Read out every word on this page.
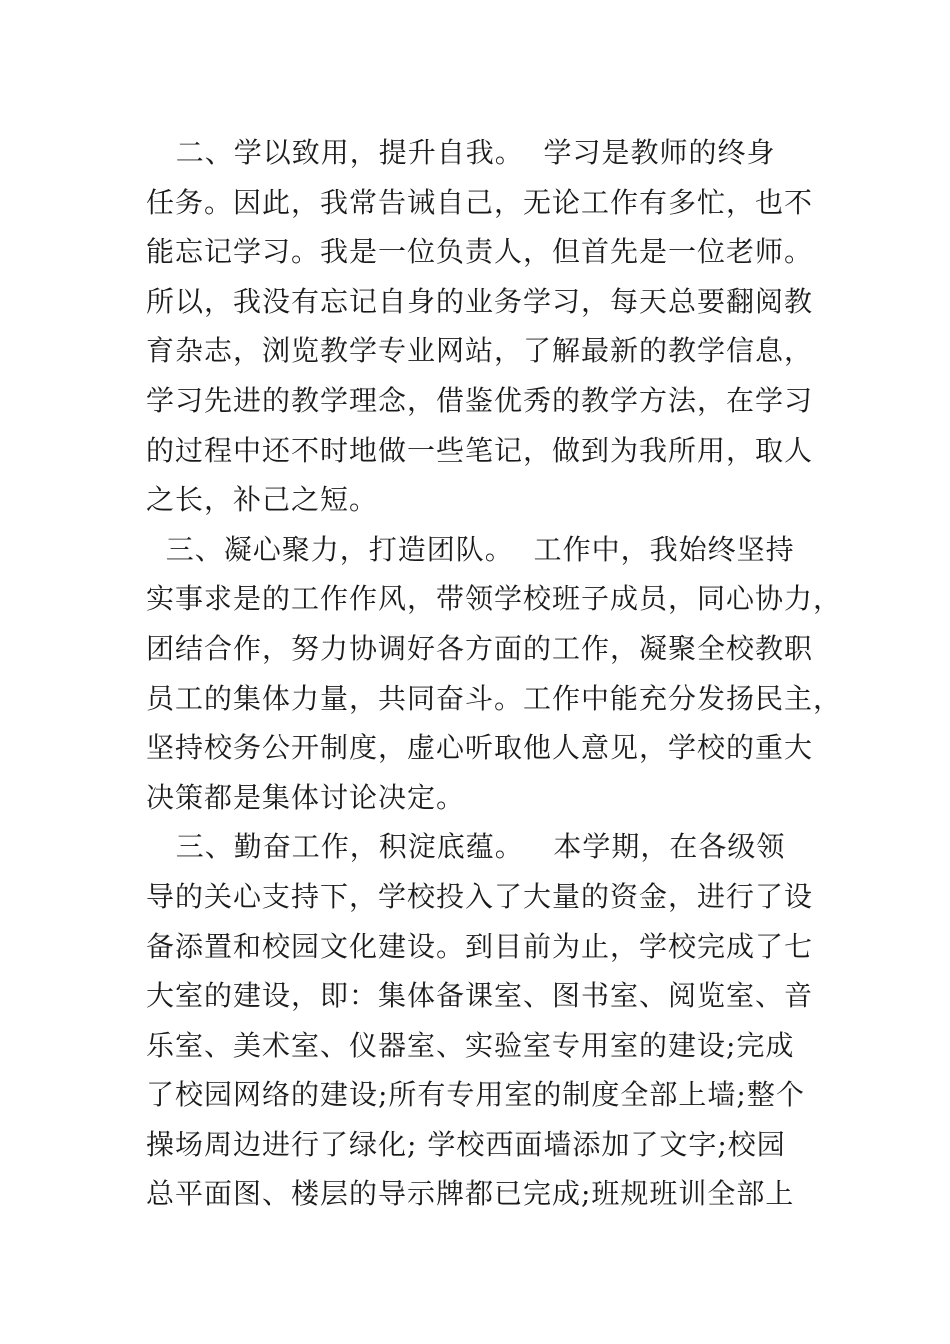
二、学以致用，提升自我。  学习是教师的终身
任务。因此，我常告诫自己，无论工作有多忙，也不
能忘记学习。我是一位负责人，但首先是一位老师。
所以，我没有忘记自身的业务学习，每天总要翻阅教
育杂志，浏览教学专业网站，了解最新的教学信息，
学习先进的教学理念，借鉴优秀的教学方法，在学习
的过程中还不时地做一些笔记，做到为我所用，取人
之长，补己之短。
三、凝心聚力，打造团队。  工作中，我始终坚持
实事求是的工作作风，带领学校班子成员，同心协力，
团结合作，努力协调好各方面的工作，凝聚全校教职
员工的集体力量，共同奋斗。工作中能充分发扬民主，
坚持校务公开制度，虚心听取他人意见，学校的重大
决策都是集体讨论决定。
三、勤奋工作，积淀底蕴。   本学期，在各级领
导的关心支持下，学校投入了大量的资金，进行了设
备添置和校园文化建设。到目前为止，学校完成了七
大室的建设，即：集体备课室、图书室、阅览室、音
乐室、美术室、仪器室、实验室专用室的建设;完成
了校园网络的建设;所有专用室的制度全部上墙;整个
操场周边进行了绿化; 学校西面墙添加了文字;校园
总平面图、楼层的导示牌都已完成;班规班训全部上
